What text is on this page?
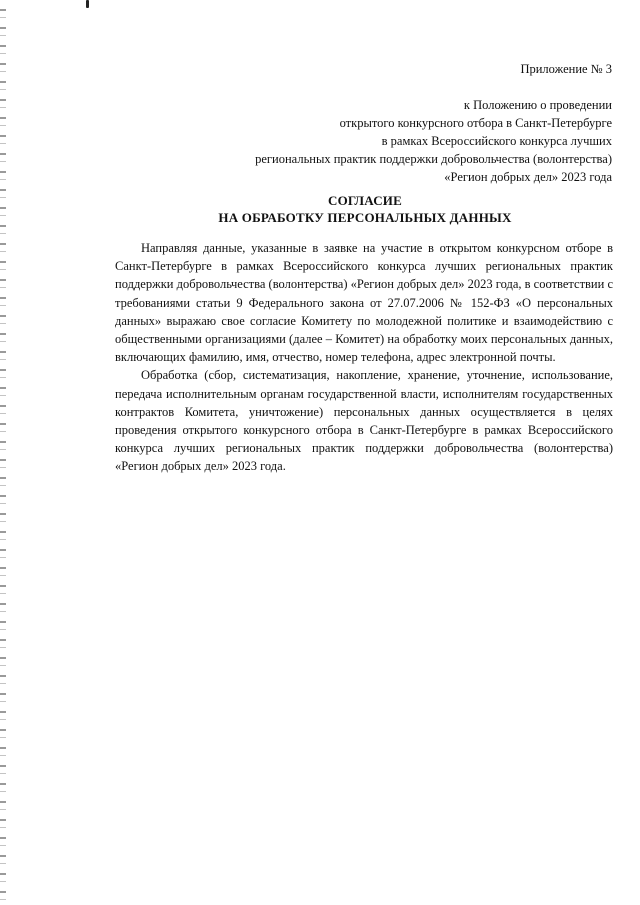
Приложение № 3
к Положению о проведении
открытого конкурсного отбора в Санкт-Петербурге
в рамках Всероссийского конкурса лучших
региональных практик поддержки добровольчества (волонтерства)
«Регион добрых дел» 2023 года
СОГЛАСИЕ
НА ОБРАБОТКУ ПЕРСОНАЛЬНЫХ ДАННЫХ

Направляя данные, указанные в заявке на участие в открытом конкурсном отборе в Санкт-Петербурге в рамках Всероссийского конкурса лучших региональных практик поддержки добровольчества (волонтерства) «Регион добрых дел» 2023 года, в соответствии с требованиями статьи 9 Федерального закона от 27.07.2006 № 152-ФЗ «О персональных данных» выражаю свое согласие Комитету по молодежной политике и взаимодействию с общественными организациями (далее – Комитет) на обработку моих персональных данных, включающих фамилию, имя, отчество, номер телефона, адрес электронной почты.

Обработка (сбор, систематизация, накопление, хранение, уточнение, использование, передача исполнительным органам государственной власти, исполнителям государственных контрактов Комитета, уничтожение) персональных данных осуществляется в целях проведения открытого конкурсного отбора в Санкт-Петербурге в рамках Всероссийского конкурса лучших региональных практик поддержки добровольчества (волонтерства) «Регион добрых дел» 2023 года.
